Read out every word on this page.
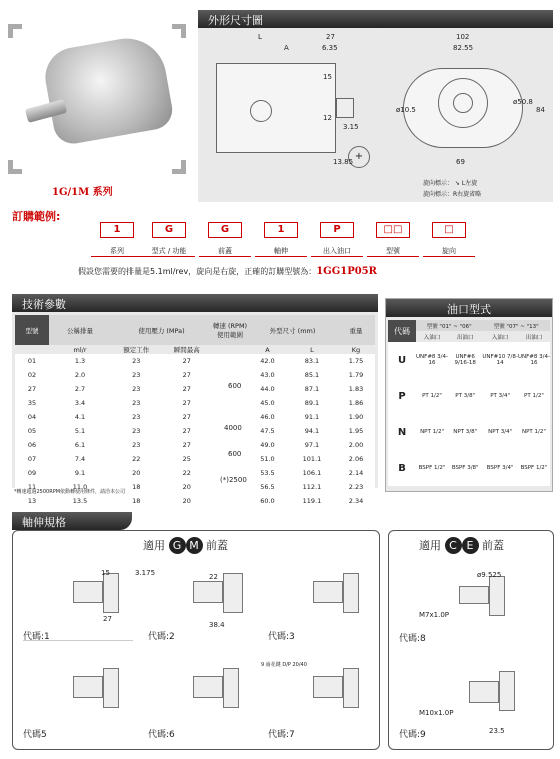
1G/1M 系列
外形尺寸圖
+
L
A
27
6.35
15
12
3.15
13.85
102
82.55
ø10.5
ø50.8
84
69
旋向標示： ➘ L左旋
旋向標示：R右旋省略
訂購範例:
1	G	G	1	P	□□	□
系列	型式 / 功能	前蓋	軸伸	出入油口	型號	旋向
假設您需要的排量是5.1ml/rev，旋向是右旋，正確的訂購型號為：1GG1P05R
技術參數
型號	公稱排量	使用壓力 (MPa)		轉速 (RPM) 使用範圍	外型尺寸 (mm)		重量
	ml/r	額定工作	瞬間最高		A	L	Kg
01	1.3	23	27		42.0	83.1	1.75
02	2.0	23	27		43.0	85.1	1.79
27	2.7	23	27		44.0	87.1	1.83
35	3.4	23	27		45.0	89.1	1.86
04	4.1	23	27		46.0	91.1	1.90
05	5.1	23	27		47.5	94.1	1.95
06	6.1	23	27		49.0	97.1	2.00
07	7.4	22	25		51.0	101.1	2.06
09	9.1	20	22		53.5	106.1	2.14
11	11.0	18	20		56.5	112.1	2.23
13	13.5	18	20		60.0	119.1	2.34
600
4000
600
(*)2500
*轉速超過2500RPM依動轉使用條件，請洽本公司
油口型式
代碼	型號 "01" ~ "06"		型號 "07" ~ "13"	
	入油口	出油口	入油口	出油口
U	UNF#8 3/4-16	UNF#6 9/16-18	UNF#10 7/8-14	UNF#8 3/4-16
P	PT 1/2"	PT 3/8"	PT 3/4"	PT 1/2"
N	NPT 1/2"	NPT 3/8"	NPT 3/4"	NPT 1/2"
B	BSPF 1/2"	BSPF 3/8"	BSPF 3/4"	BSPF 1/2"
軸伸規格
適用 G M 前蓋
15
27
3.175	22
38.4
9 齒花鍵 D/P 20/40
代碼:1	代碼:2	代碼:3
代碼5	代碼:6	代碼:7
適用 C E 前蓋
ø9.525
M7x1.0P
M10x1.0P
23.5
代碼:8
代碼:9
